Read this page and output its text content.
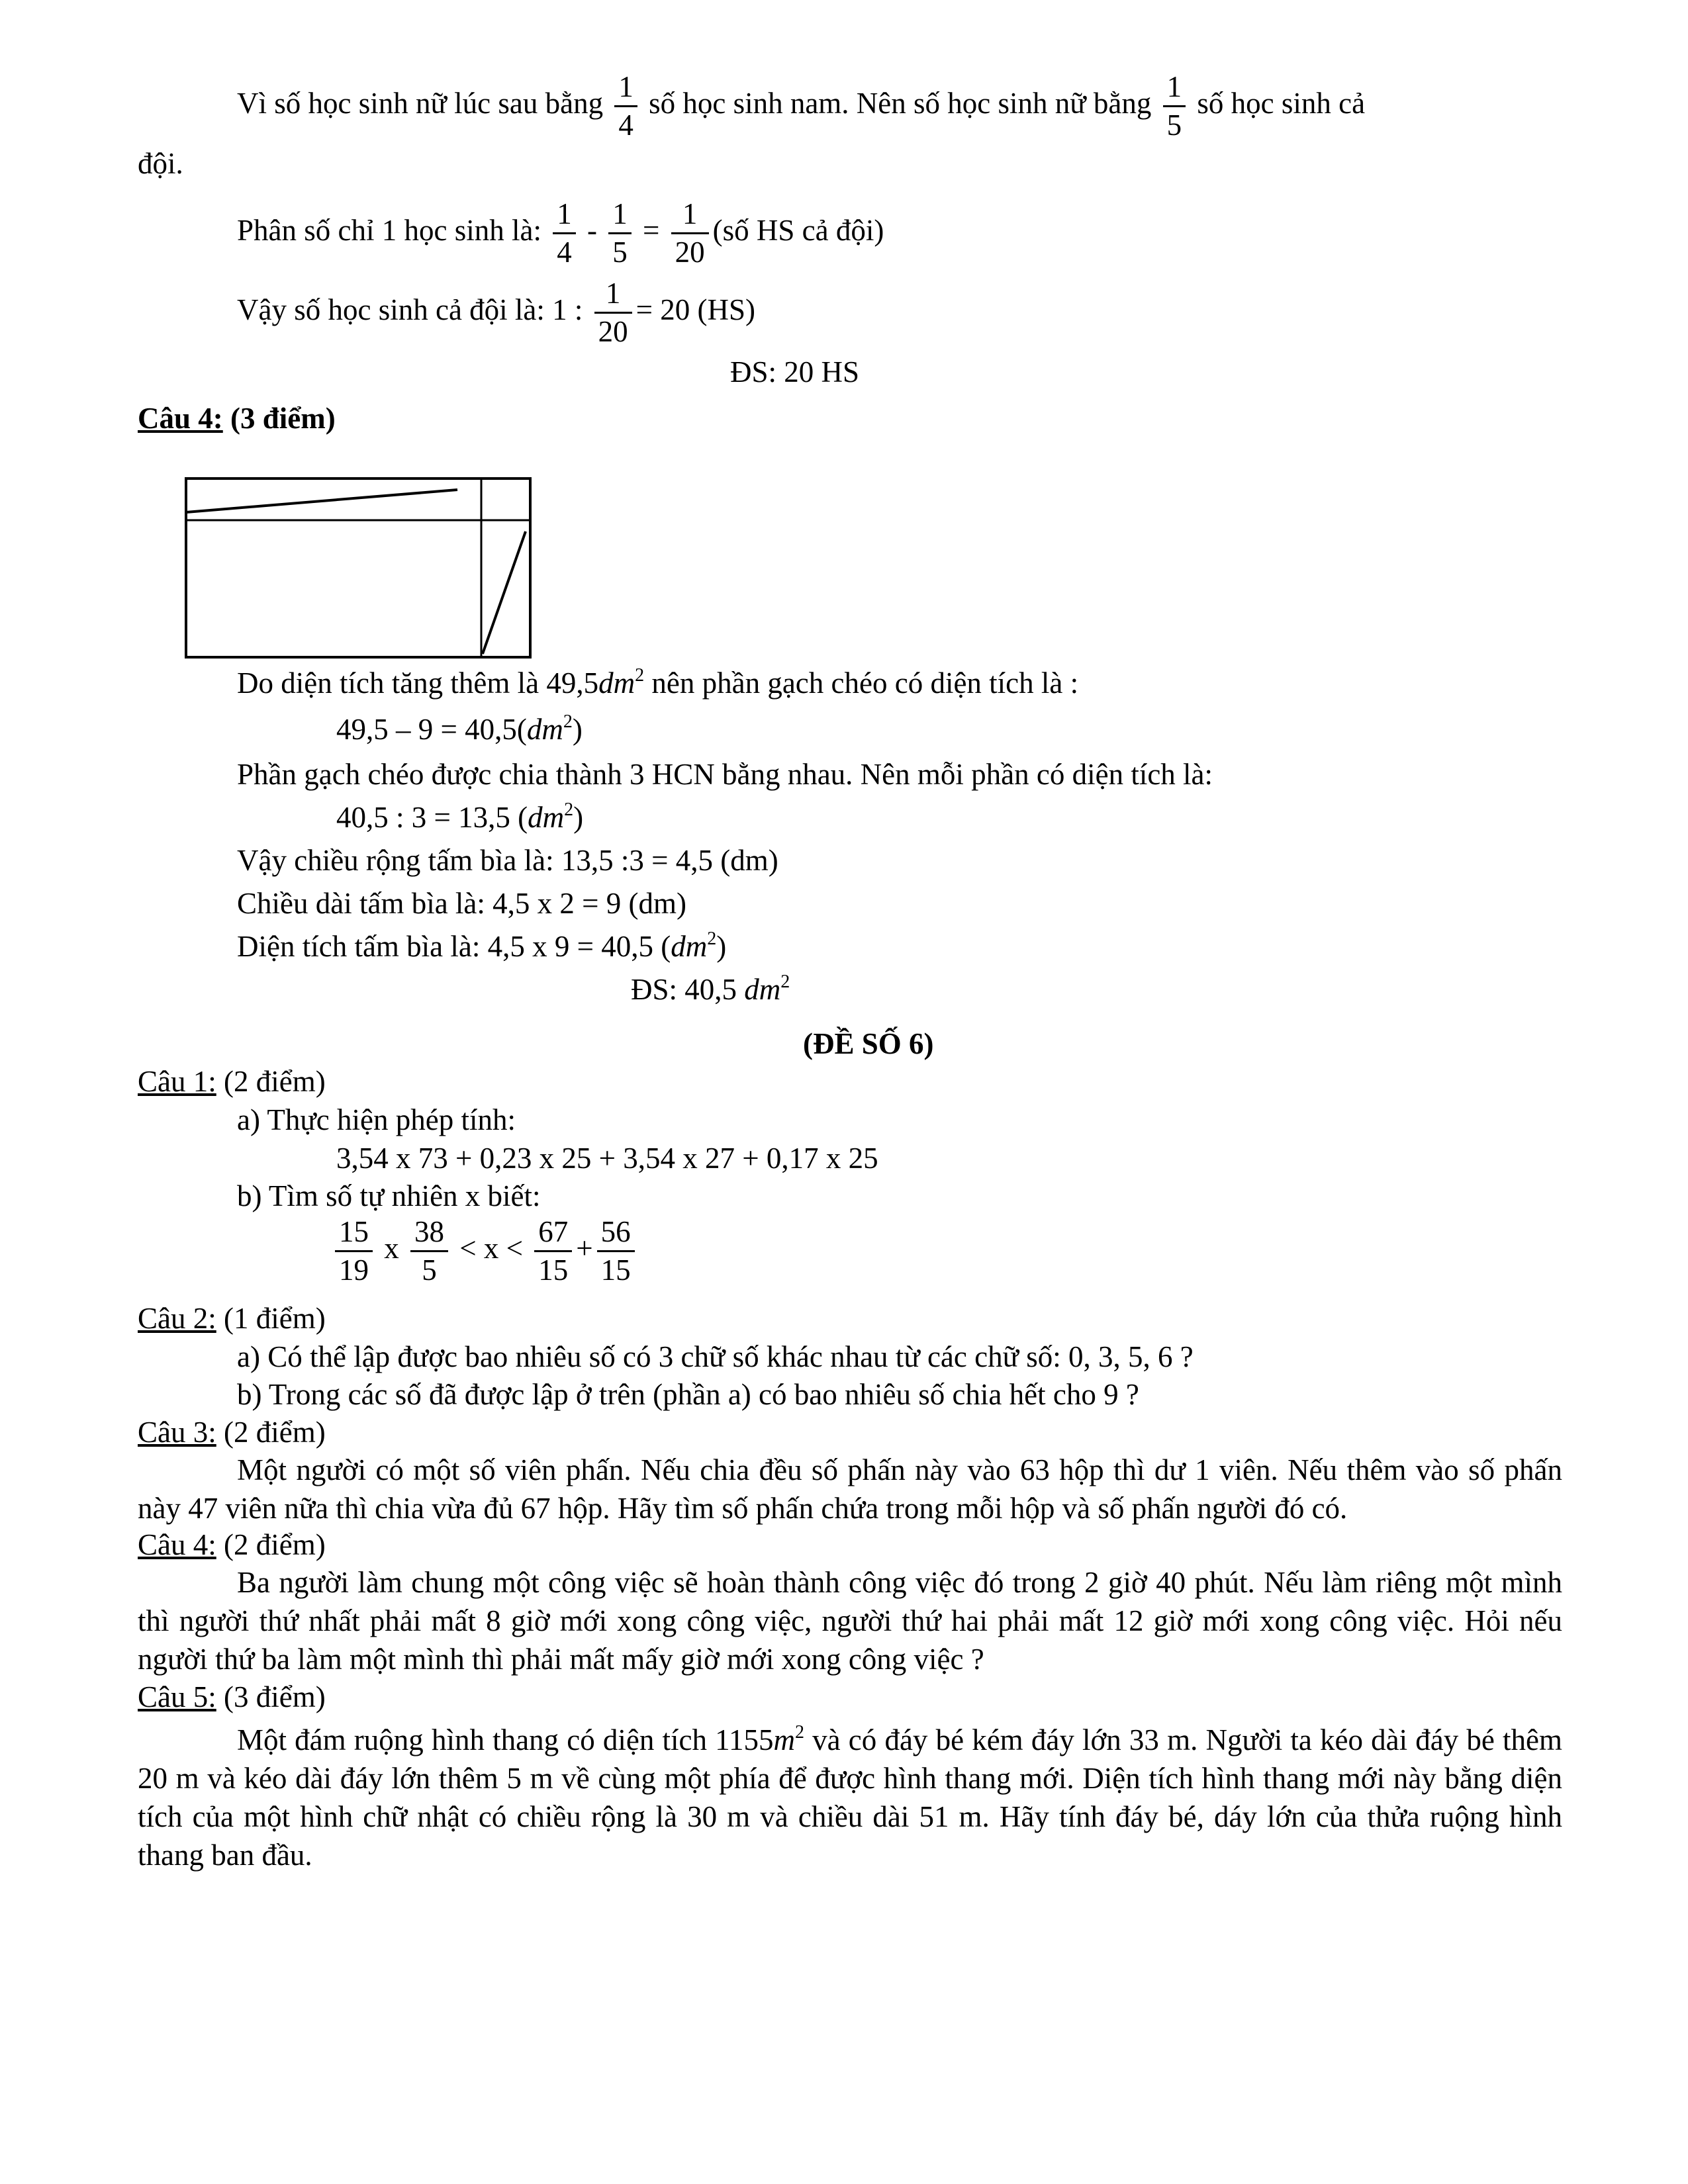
Vì số học sinh nữ lúc sau bằng $\frac{1}{4}$ số học sinh nam. Nên số học sinh nữ bằng $\frac{1}{5}$ số học sinh cả
đội.
Phân số chỉ 1 học sinh là: $\frac{1}{4} - \frac{1}{5} = \frac{1}{20}$ (số HS cả đội)
Vậy số học sinh cả đội là: 1 : $\frac{1}{20} = 20$ (HS)
ĐS: 20 HS
Câu 4: (3 điểm)
Do diện tích tăng thêm là $49,5dm^2$ nên phần gạch chéo có diện tích là :
$49,5 - 9 = 40,5(dm^2)$
Phần gạch chéo được chia thành 3 HCN bằng nhau. Nên mỗi phần có diện tích là:
40,5 : 3 = 13,5 $(dm^2)$
Vậy chiều rộng tấm bìa là: 13,5 :3 = 4,5 (dm)
Chiều dài tấm bìa là: 4,5 x 2 = 9 (dm)
Diện tích tấm bìa là: 4,5 x 9 = 40,5 $(dm^2)$
ĐS: 40,5 $dm^2$
(ĐỀ SỐ 6)
Câu 1: (2 điểm)
a) Thực hiện phép tính:
3,54 x 73 + 0,23 x 25 + 3,54 x 27 + 0,17 x 25
b) Tìm số tự nhiên x biết:
$\frac{15}{19}$ x $\frac{38}{5} < x < \frac{67}{15} + \frac{56}{15}$
Câu 2: (1 điểm)
a) Có thể lập được bao nhiêu số có 3 chữ số khác nhau từ các chữ số: 0, 3, 5, 6 ?
b) Trong các số đã được lập ở trên (phần a) có bao nhiêu số chia hết cho 9 ?
Câu 3: (2 điểm)
Một người có một số viên phấn. Nếu chia đều số phấn này vào 63 hộp thì dư 1 viên. Nếu thêm vào số phấn này 47 viên nữa thì chia vừa đủ 67 hộp. Hãy tìm số phấn chứa trong mỗi hộp và số phấn người đó có.
Câu 4: (2 điểm)
Ba người làm chung một công việc sẽ hoàn thành công việc đó trong 2 giờ 40 phút. Nếu làm riêng một mình thì người thứ nhất phải mất 8 giờ mới xong công việc, người thứ hai phải mất 12 giờ mới xong công việc. Hỏi nếu người thứ ba làm một mình thì phải mất mấy giờ mới xong công việc ?
Câu 5: (3 điểm)
Một đám ruộng hình thang có diện tích $1155m^2$ và có đáy bé kém đáy lớn 33 m. Người ta kéo dài đáy bé thêm 20 m và kéo dài đáy lớn thêm 5 m về cùng một phía để được hình thang mới. Diện tích hình thang mới này bằng diện tích của một hình chữ nhật có chiều rộng là 30 m và chiều dài 51 m. Hãy tính đáy bé, dáy lớn của thửa ruộng hình thang ban đầu.
